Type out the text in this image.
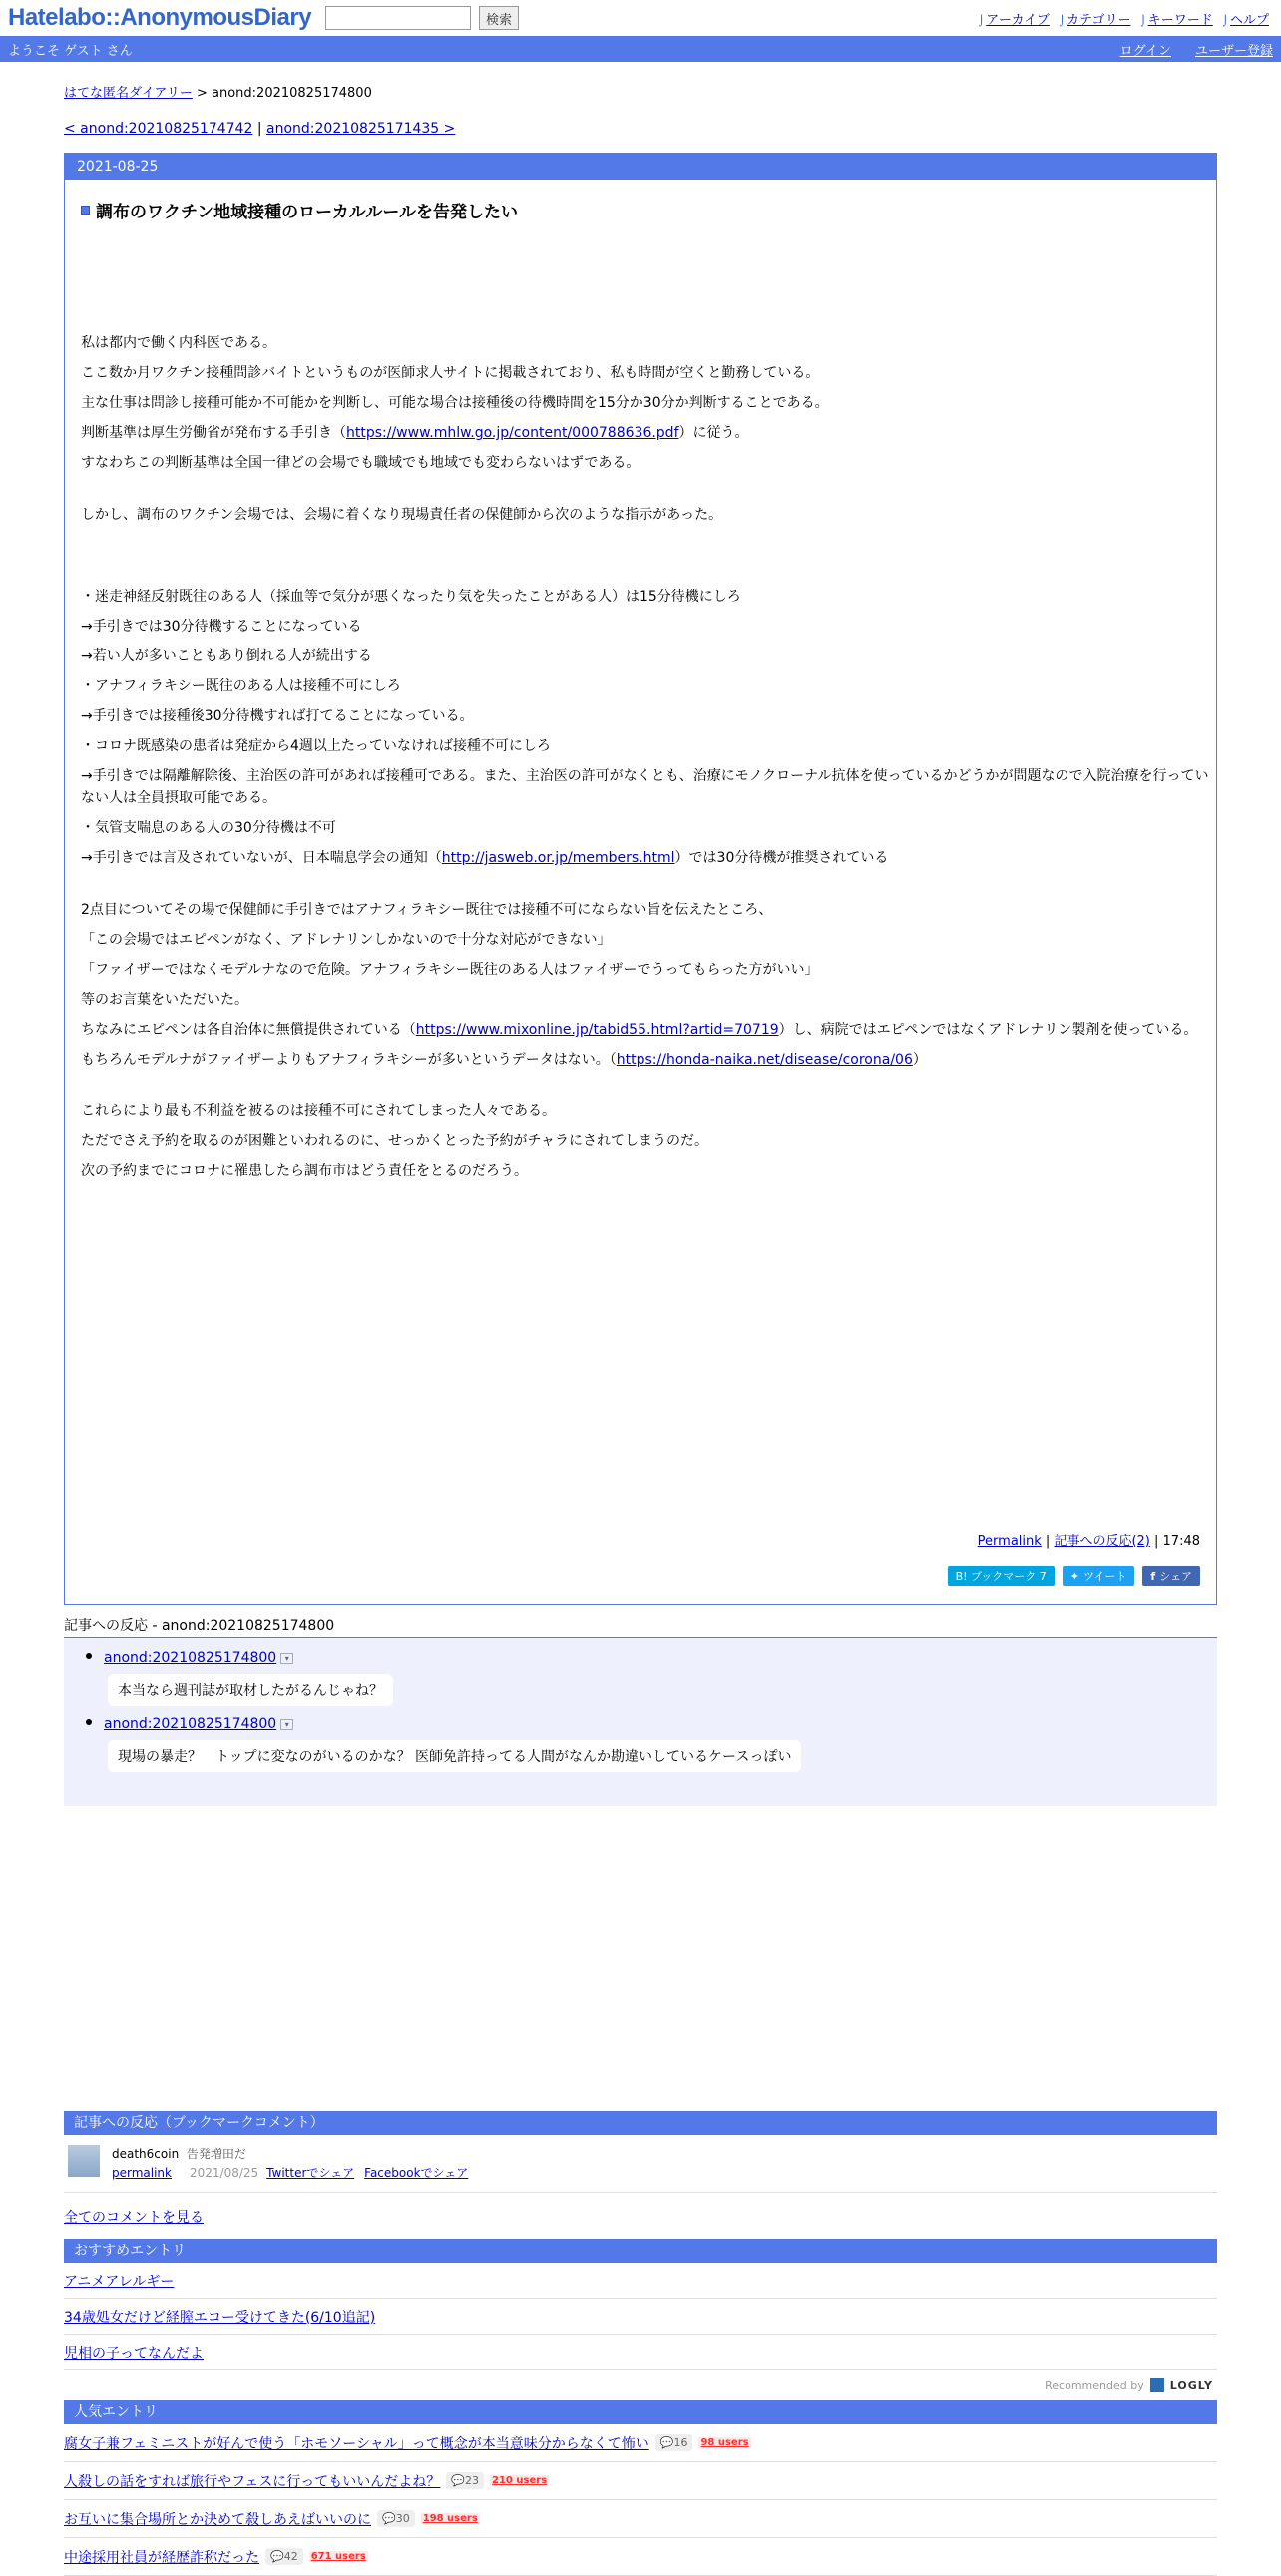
Hatelabo::AnonymousDiary	検索	⌡ アーカイブ	⌡ カテゴリー	⌡ キーワード	⌡ ヘルプ
ようこそ ゲスト さん	ログイン ユーザー登録
はてな匿名ダイアリー > anond:20210825174800
< anond:20210825174742 | anond:20210825171435 >
2021-08-25
調布のワクチン地域接種のローカルルールを告発したい

私は都内で働く内科医である。

ここ数か月ワクチン接種問診バイトというものが医師求人サイトに掲載されており、私も時間が空くと勤務している。

主な仕事は問診し接種可能か不可能かを判断し、可能な場合は接種後の待機時間を15分か30分か判断することである。

判断基準は厚生労働省が発布する手引き（https://www.mhlw.go.jp/content/000788636.pdf）に従う。

すなわちこの判断基準は全国一律どの会場でも職域でも地域でも変わらないはずである。

しかし、調布のワクチン会場では、会場に着くなり現場責任者の保健師から次のような指示があった。

・迷走神経反射既往のある人（採血等で気分が悪くなったり気を失ったことがある人）は15分待機にしろ

→手引きでは30分待機することになっている

→若い人が多いこともあり倒れる人が続出する

・アナフィラキシー既往のある人は接種不可にしろ

→手引きでは接種後30分待機すれば打てることになっている。

・コロナ既感染の患者は発症から4週以上たっていなければ接種不可にしろ

→手引きでは隔離解除後、主治医の許可があれば接種可である。また、主治医の許可がなくとも、治療にモノクローナル抗体を使っているかどうかが問題なので入院治療を行っていない人は全員摂取可能である。

・気管支喘息のある人の30分待機は不可

→手引きでは言及されていないが、日本喘息学会の通知（http://jasweb.or.jp/members.html）では30分待機が推奨されている

2点目についてその場で保健師に手引きではアナフィラキシー既往では接種不可にならない旨を伝えたところ、

「この会場ではエピペンがなく、アドレナリンしかないので十分な対応ができない」

「ファイザーではなくモデルナなので危険。アナフィラキシー既往のある人はファイザーでうってもらった方がいい」

等のお言葉をいただいた。

ちなみにエピペンは各自治体に無償提供されている（https://www.mixonline.jp/tabid55.html?artid=70719）し、病院ではエピペンではなくアドレナリン製剤を使っている。

もちろんモデルナがファイザーよりもアナフィラキシーが多いというデータはない。（https://honda-naika.net/disease/corona/06）

これらにより最も不利益を被るのは接種不可にされてしまった人々である。

ただでさえ予約を取るのが困難といわれるのに、せっかくとった予約がチャラにされてしまうのだ。

次の予約までにコロナに罹患したら調布市はどう責任をとるのだろう。

Permalink | 記事への反応(2) | 17:48
B! ブックマーク 7	✦ ツイート f シェア
記事への反応 - anond:20210825174800
anond:20210825174800 ▾
本当なら週刊誌が取材したがるんじゃね？
anond:20210825174800 ▾
現場の暴走？　トップに変なのがいるのかな？ 医師免許持ってる人間がなんか勘違いしているケースっぽい
記事への反応（ブックマークコメント）
death6coin 告発増田だ
permalink 2021/08/25 Twitterでシェア Facebookでシェア
全てのコメントを見る
おすすめエントリ
アニメアレルギー
34歳処女だけど経膣エコー受けてきた(6/10追記)
児相の子ってなんだよ
Recommended by LOGLY
人気エントリ
腐女子兼フェミニストが好んで使う「ホモソーシャル」って概念が本当意味分からなくて怖い	💬16	98 users
人殺しの話をすれば旅行やフェスに行ってもいいんだよね？	💬23	210 users
お互いに集合場所とか決めて殺しあえばいいのに	💬30	198 users
中途採用社員が経歴詐称だった	💬42	671 users
